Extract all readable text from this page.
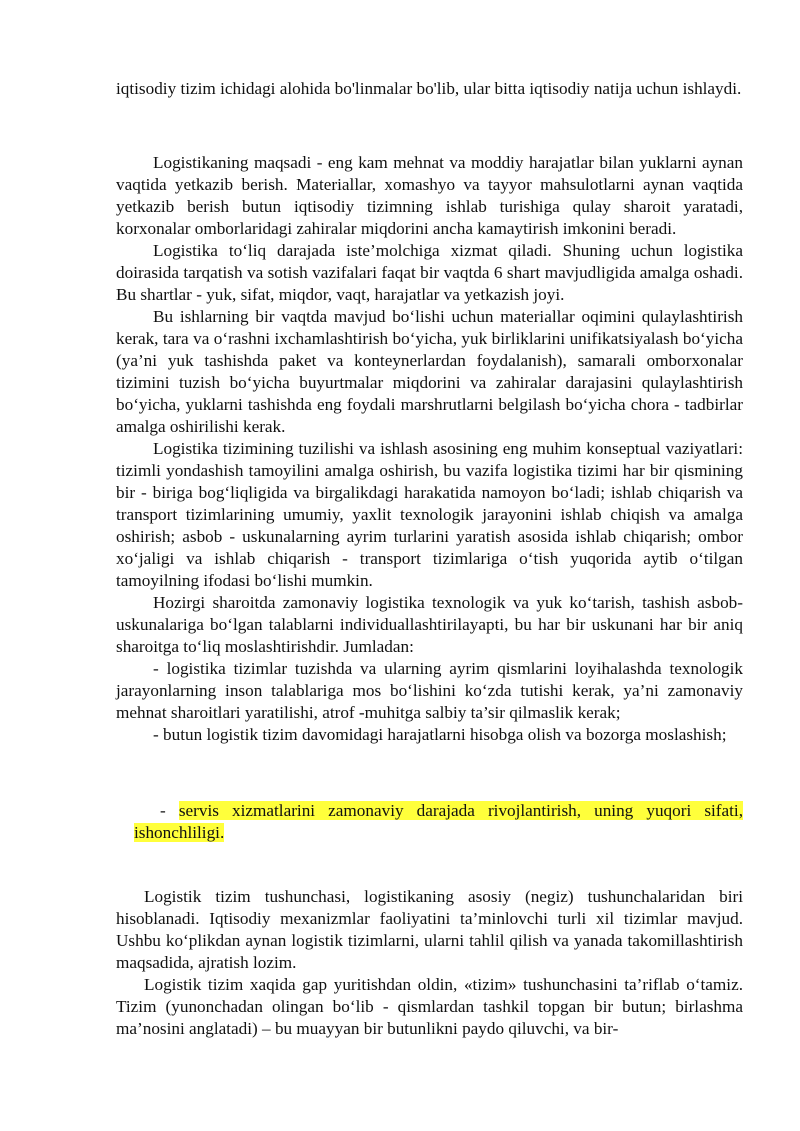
iqtisodiy tizim ichidagi alohida bo'linmalar bo'lib, ular bitta iqtisodiy natija uchun ishlaydi.

Logistikaning maqsadi - eng kam mehnat va moddiy harajatlar bilan yuklarni aynan vaqtida yetkazib berish. Materiallar, xomashyo va tayyor mahsulotlarni aynan vaqtida yetkazib berish butun iqtisodiy tizimning ishlab turishiga qulay sharoit yaratadi, korxonalar omborlaridagi zahiralar miqdorini ancha kamaytirish imkonini beradi.

Logistika to‘liq darajada iste’molchiga xizmat qiladi. Shuning uchun logistika doirasida tarqatish va sotish vazifalari faqat bir vaqtda 6 shart mavjudligida amalga oshadi. Bu shartlar - yuk, sifat, miqdor, vaqt, harajatlar va yetkazish joyi.

Bu ishlarning bir vaqtda mavjud bo‘lishi uchun materiallar oqimini qulaylashtirish kerak, tara va o‘rashni ixchamlashtirish bo‘yicha, yuk birliklarini unifikatsiyalash bo‘yicha (ya’ni yuk tashishda paket va konteynerlardan foydalanish), samarali omborxonalar tizimini tuzish bo‘yicha buyurtmalar miqdorini va zahiralar darajasini qulaylashtirish bo‘yicha, yuklarni tashishda eng foydali marshrutlarni belgilash bo‘yicha chora - tadbirlar amalga oshirilishi kerak.

Logistika tizimining tuzilishi va ishlash asosining eng muhim konseptual vaziyatlari: tizimli yondashish tamoyilini amalga oshirish, bu vazifa logistika tizimi har bir qismining bir - biriga bog‘liqligida va birgalikdagi harakatida namoyon bo‘ladi; ishlab chiqarish va transport tizimlarining umumiy, yaxlit texnologik jarayonini ishlab chiqish va amalga oshirish; asbob - uskunalarning ayrim turlarini yaratish asosida ishlab chiqarish; ombor xo‘jaligi va ishlab chiqarish - transport tizimlariga o‘tish yuqorida aytib o‘tilgan tamoyilning ifodasi bo‘lishi mumkin.

Hozirgi sharoitda zamonaviy logistika texnologik va yuk ko‘tarish, tashish asbob-uskunalariga bo‘lgan talablarni individuallashtirilayapti, bu har bir uskunani har bir aniq sharoitga to‘liq moslashtirishdir. Jumladan:

- logistika tizimlar tuzishda va ularning ayrim qismlarini loyihalashda texnologik jarayonlarning inson talablariga mos bo‘lishini ko‘zda tutishi kerak, ya’ni zamonaviy mehnat sharoitlari yaratilishi, atrof -muhitga salbiy ta’sir qilmaslik kerak;

- butun logistik tizim davomidagi harajatlarni hisobga olish va bozorga moslashish;

- servis xizmatlarini zamonaviy darajada rivojlantirish, uning yuqori sifati, ishonchliligi.

Logistik tizim tushunchasi, logistikaning asosiy (negiz) tushunchalaridan biri hisoblanadi. Iqtisodiy mexanizmlar faoliyatini ta’minlovchi turli xil tizimlar mavjud. Ushbu ko‘plikdan aynan logistik tizimlarni, ularni tahlil qilish va yanada takomillashtirish maqsadida, ajratish lozim.

Logistik tizim xaqida gap yuritishdan oldin, «tizim» tushunchasini ta’riflab o‘tamiz. Tizim (yunonchadan olingan bo‘lib - qismlardan tashkil topgan bir butun; birlashma ma’nosini anglatadi) – bu muayyan bir butunlikni paydo qiluvchi, va bir-
